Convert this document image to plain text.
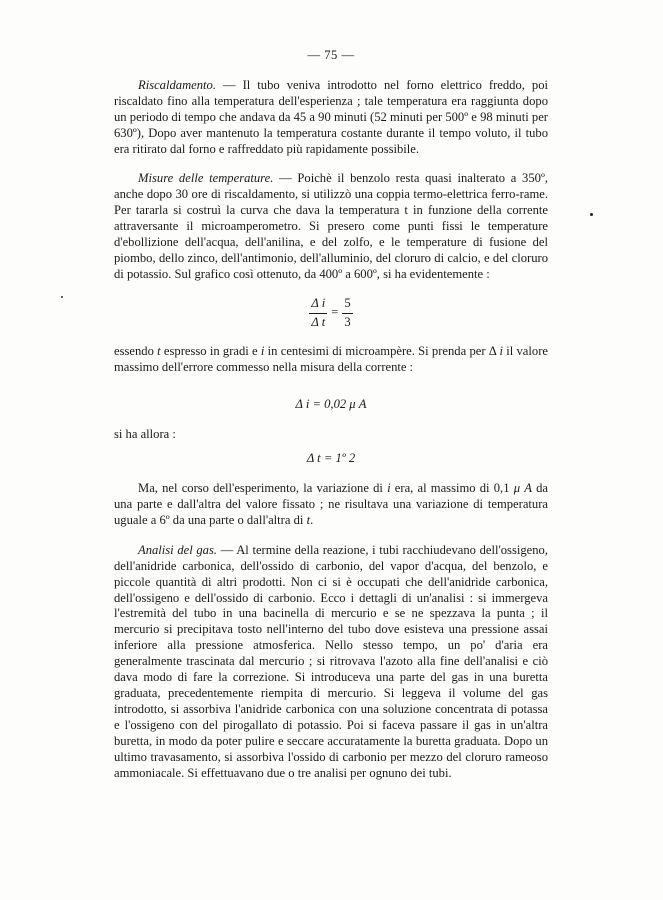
— 75 —

Riscaldamento. — Il tubo veniva introdotto nel forno elettrico freddo, poi riscaldato fino alla temperatura dell'esperienza ; tale temperatura era raggiunta dopo un periodo di tempo che andava da 45 a 90 minuti (52 minuti per 500º e 98 minuti per 630º), Dopo aver mantenuto la temperatura costante durante il tempo voluto, il tubo era ritirato dal forno e raffreddato più rapidamente possibile.

Misure delle temperature. — Poichè il benzolo resta quasi inalterato a 350º, anche dopo 30 ore di riscaldamento, si utilizzò una coppia termo-elettrica ferro-rame. Per tararla si costruì la curva che dava la temperatura t in funzione della corrente attraversante il microamperometro. Si presero come punti fissi le temperature d'ebollizione dell'acqua, dell'anilina, e del zolfo, e le temperature di fusione del piombo, dello zinco, dell'antimonio, dell'alluminio, del cloruro di calcio, e del cloruro di potassio. Sul grafico così ottenuto, da 400º a 600º, si ha evidentemente :

$\frac{\text{Δ i}}{\text{Δ t}} = \frac{5}{3}$

essendo t espresso in gradi e i in centesimi di microampère. Si prenda per Δ i il valore massimo dell'errore commesso nella misura della corrente :

Δ i = 0,02 μ A

si ha allora :

Δ t = 1º 2

Ma, nel corso dell'esperimento, la variazione di i era, al massimo di 0,1 μ A da una parte e dall'altra del valore fissato ; ne risultava una variazione di temperatura uguale a 6º da una parte o dall'altra di t.

Analisi del gas. — Al termine della reazione, i tubi racchiudevano dell'ossigeno, dell'anidride carbonica, dell'ossido di carbonio, del vapor d'acqua, del benzolo, e piccole quantità di altri prodotti. Non ci si è occupati che dell'anidride carbonica, dell'ossigeno e dell'ossido di carbonio. Ecco i dettagli di un'analisi : si immergeva l'estremità del tubo in una bacinella di mercurio e se ne spezzava la punta ; il mercurio si precipitava tosto nell'interno del tubo dove esisteva una pressione assai inferiore alla pressione atmosferica. Nello stesso tempo, un po' d'aria era generalmente trascinata dal mercurio ; si ritrovava l'azoto alla fine dell'analisi e ciò dava modo di fare la correzione. Si introduceva una parte del gas in una buretta graduata, precedentemente riempita di mercurio. Si leggeva il volume del gas introdotto, si assorbiva l'anidride carbonica con una soluzione concentrata di potassa e l'ossigeno con del pirogallato di potassio. Poi si faceva passare il gas in un'altra buretta, in modo da poter pulire e seccare accuratamente la buretta graduata. Dopo un ultimo travasamento, si assorbiva l'ossido di carbonio per mezzo del cloruro rameoso ammoniacale. Si effettuavano due o tre analisi per ognuno dei tubi.
